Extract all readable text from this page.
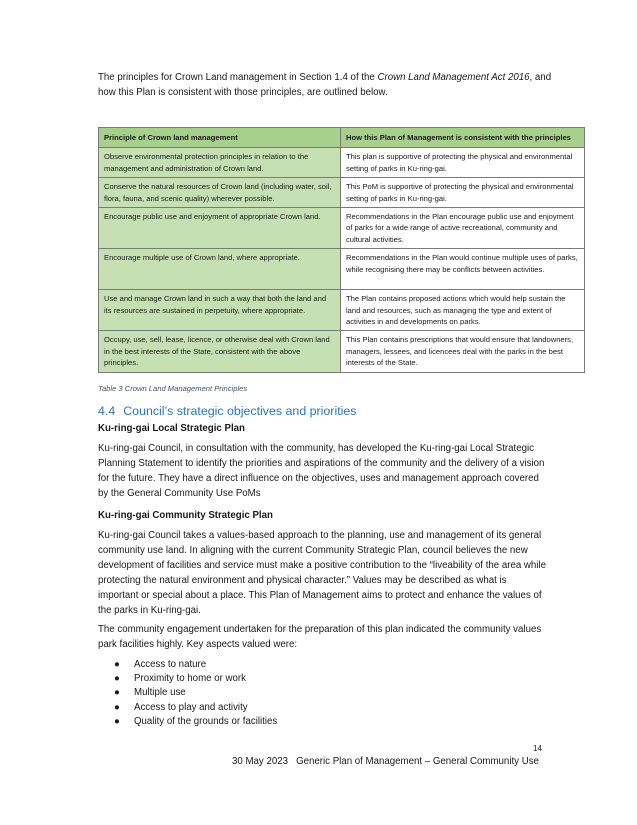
The principles for Crown Land management in Section 1.4 of the Crown Land Management Act 2016, and how this Plan is consistent with those principles, are outlined below.

Principle of Crown land management	How this Plan of Management is consistent with the principles
Observe environmental protection principles in relation to the management and administration of Crown land.	This plan is supportive of protecting the physical and environmental setting of parks in Ku-ring-gai.
Conserve the natural resources of Crown land (including water, soil, flora, fauna, and scenic quality) wherever possible.	This PoM is supportive of protecting the physical and environmental setting of parks in Ku-ring-gai.
Encourage public use and enjoyment of appropriate Crown land.	Recommendations in the Plan encourage public use and enjoyment of parks for a wide range of active recreational, community and cultural activities.
Encourage multiple use of Crown land, where appropriate.	Recommendations in the Plan would continue multiple uses of parks, while recognising there may be conflicts between activities.
Use and manage Crown land in such a way that both the land and its resources are sustained in perpetuity, where appropriate.	The Plan contains proposed actions which would help sustain the land and resources, such as managing the type and extent of activities in and developments on parks.
Occupy, use, sell, lease, licence, or otherwise deal with Crown land in the best interests of the State, consistent with the above principles.	This Plan contains prescriptions that would ensure that landowners, managers, lessees, and licencees deal with the parks in the best interests of the State.
Table 3 Crown Land Management Principles
4.4 Council’s strategic objectives and priorities
Ku-ring-gai Local Strategic Plan

Ku-ring-gai Council, in consultation with the community, has developed the Ku-ring-gai Local Strategic Planning Statement to identify the priorities and aspirations of the community and the delivery of a vision for the future. They have a direct influence on the objectives, uses and management approach covered by the General Community Use PoMs

Ku-ring-gai Community Strategic Plan

Ku-ring-gai Council takes a values-based approach to the planning, use and management of its general community use land. In aligning with the current Community Strategic Plan, council believes the new development of facilities and service must make a positive contribution to the “liveability of the area while protecting the natural environment and physical character.” Values may be described as what is important or special about a place. This Plan of Management aims to protect and enhance the values of the parks in Ku-ring-gai.

The community engagement undertaken for the preparation of this plan indicated the community values park facilities highly. Key aspects valued were:

● Access to nature
● Proximity to home or work
● Multiple use
● Access to play and activity
● Quality of the grounds or facilities
14
30 May 2023   Generic Plan of Management – General Community Use
